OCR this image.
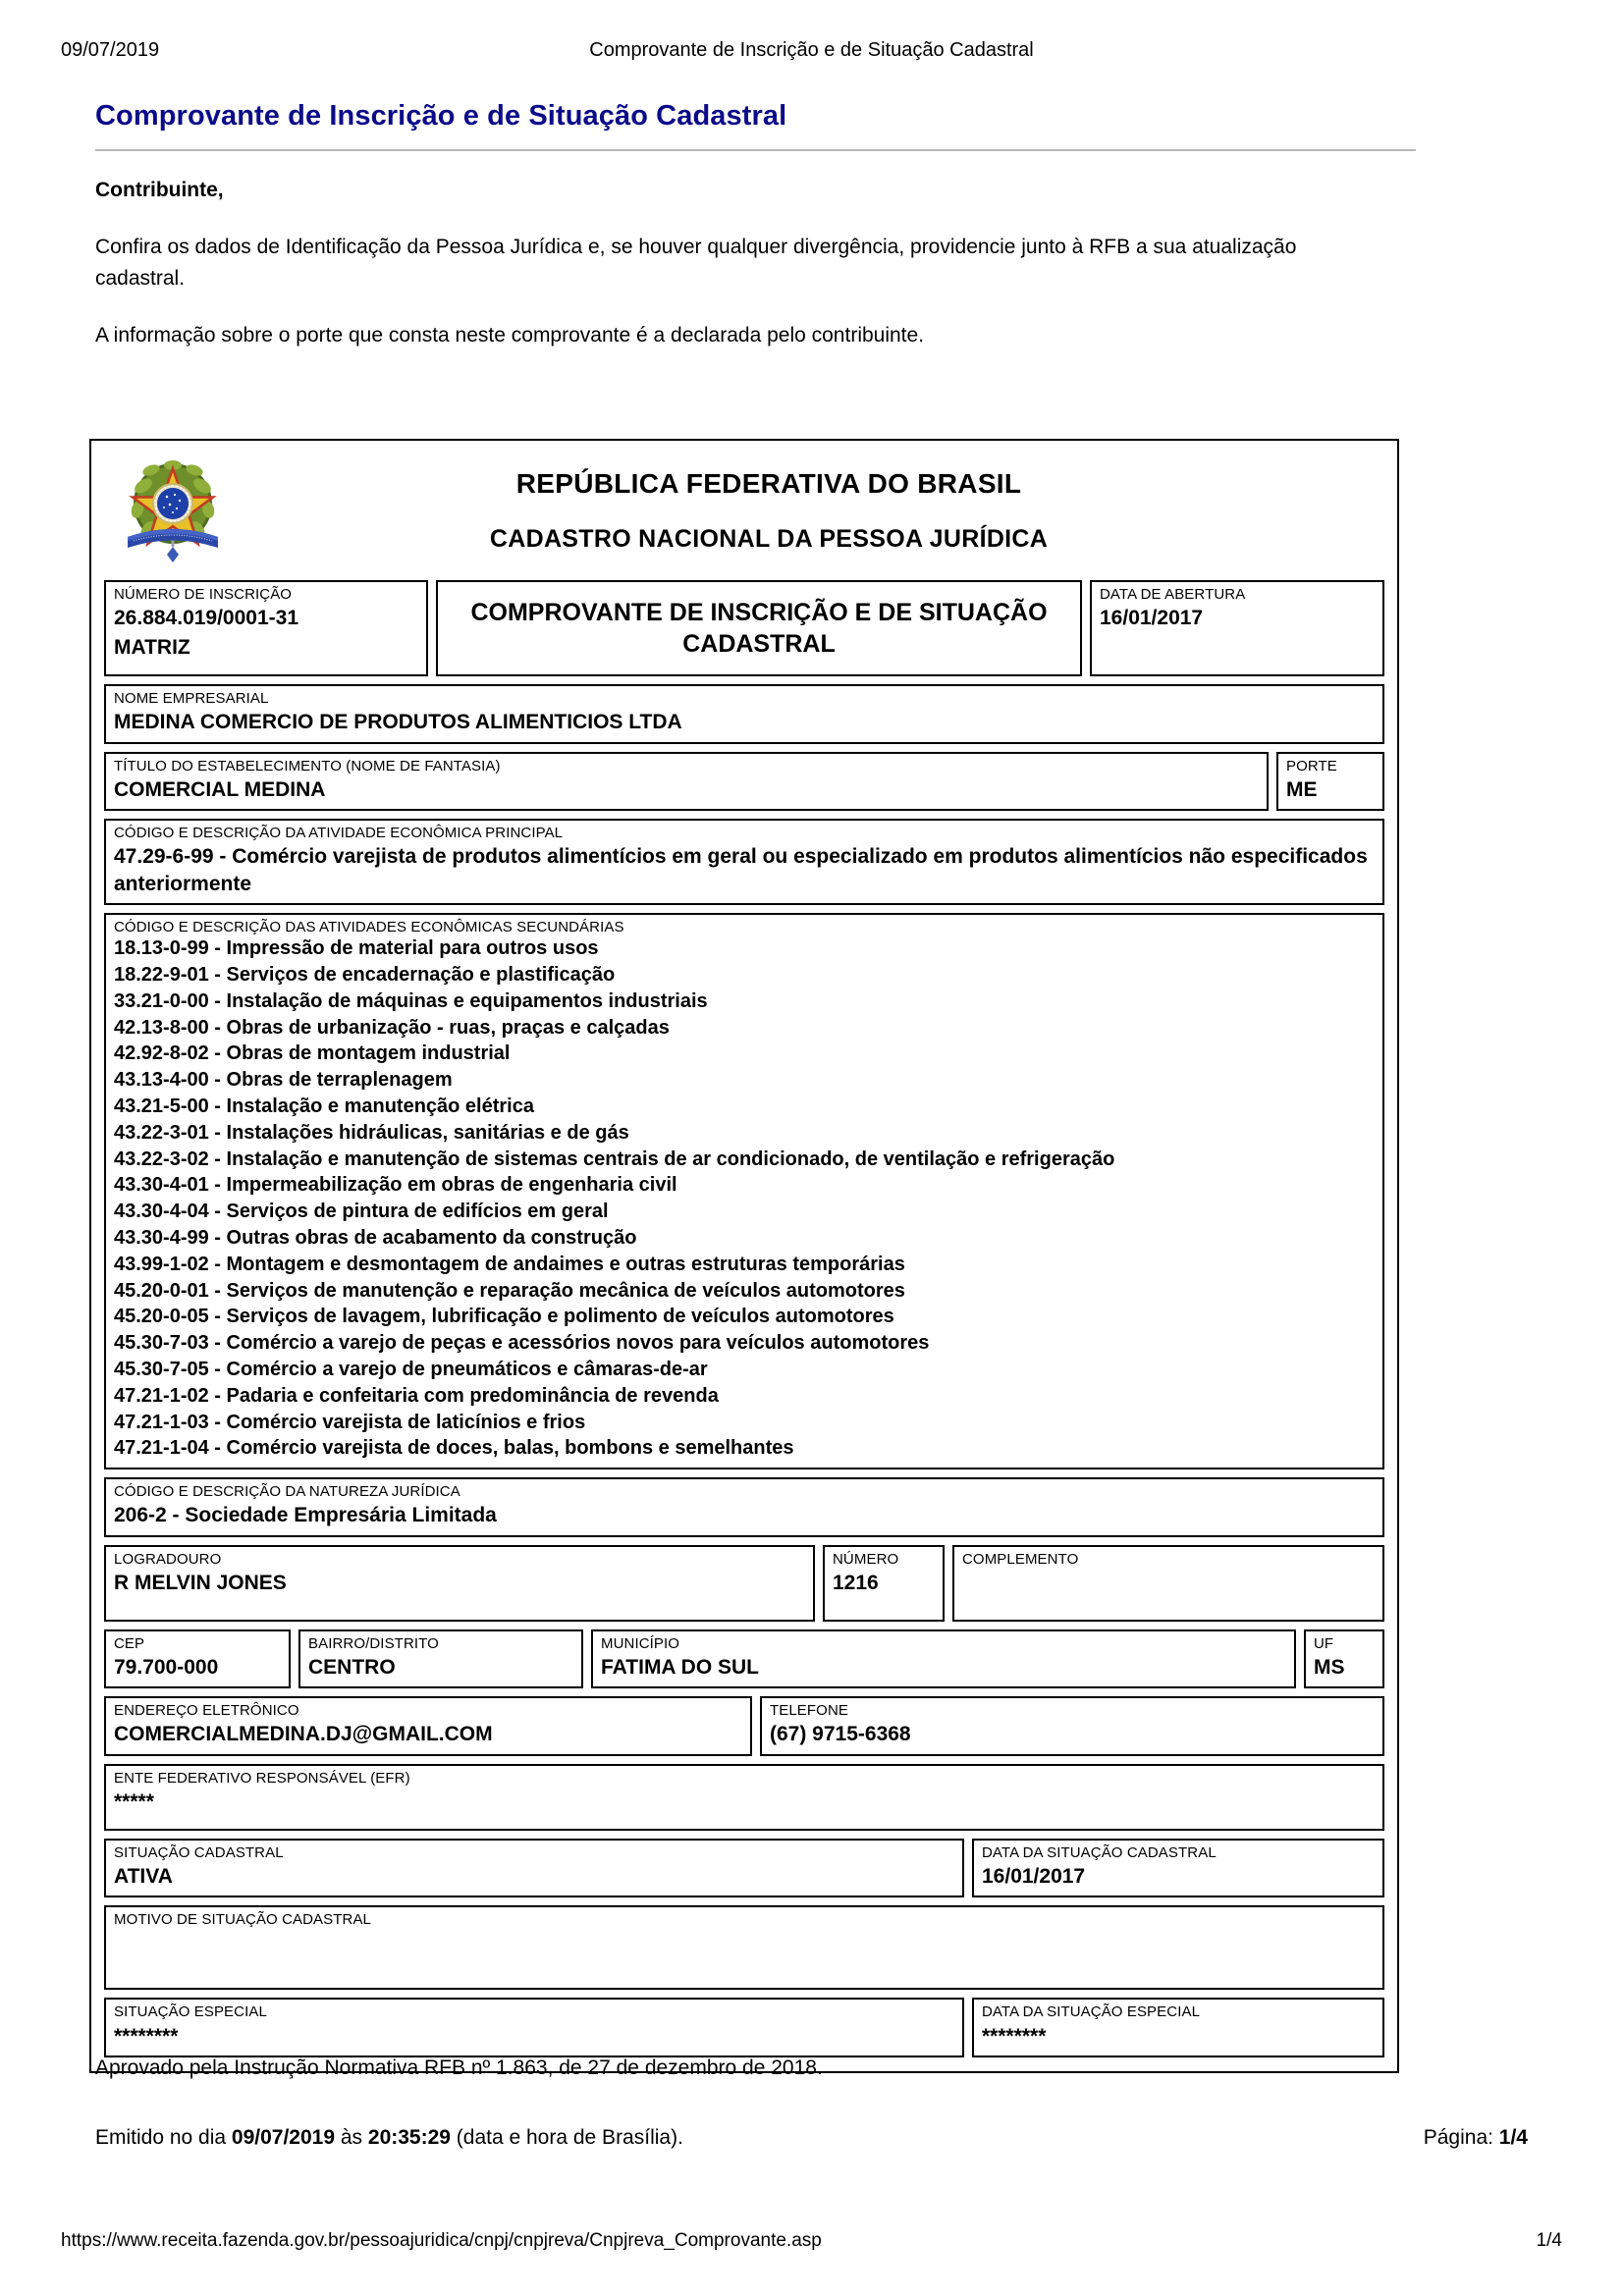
09/07/2019	Comprovante de Inscrição e de Situação Cadastral
Comprovante de Inscrição e de Situação Cadastral

Contribuinte,

Confira os dados de Identificação da Pessoa Jurídica e, se houver qualquer divergência, providencie junto à RFB a sua atualização cadastral.

A informação sobre o porte que consta neste comprovante é a declarada pelo contribuinte.

REPÚBLICA FEDERATIVA DO BRASIL
CADASTRO NACIONAL DA PESSOA JURÍDICA
NÚMERO DE INSCRIÇÃO
26.884.019/0001-31
MATRIZ
COMPROVANTE DE INSCRIÇÃO E DE SITUAÇÃO CADASTRAL
DATA DE ABERTURA
16/01/2017
NOME EMPRESARIAL
MEDINA COMERCIO DE PRODUTOS ALIMENTICIOS LTDA
TÍTULO DO ESTABELECIMENTO (NOME DE FANTASIA)
COMERCIAL MEDINA
PORTE
ME
CÓDIGO E DESCRIÇÃO DA ATIVIDADE ECONÔMICA PRINCIPAL
47.29-6-99 - Comércio varejista de produtos alimentícios em geral ou especializado em produtos alimentícios não especificados anteriormente
CÓDIGO E DESCRIÇÃO DAS ATIVIDADES ECONÔMICAS SECUNDÁRIAS
18.13-0-99 - Impressão de material para outros usos
18.22-9-01 - Serviços de encadernação e plastificação
33.21-0-00 - Instalação de máquinas e equipamentos industriais
42.13-8-00 - Obras de urbanização - ruas, praças e calçadas
42.92-8-02 - Obras de montagem industrial
43.13-4-00 - Obras de terraplenagem
43.21-5-00 - Instalação e manutenção elétrica
43.22-3-01 - Instalações hidráulicas, sanitárias e de gás
43.22-3-02 - Instalação e manutenção de sistemas centrais de ar condicionado, de ventilação e refrigeração
43.30-4-01 - Impermeabilização em obras de engenharia civil
43.30-4-04 - Serviços de pintura de edifícios em geral
43.30-4-99 - Outras obras de acabamento da construção
43.99-1-02 - Montagem e desmontagem de andaimes e outras estruturas temporárias
45.20-0-01 - Serviços de manutenção e reparação mecânica de veículos automotores
45.20-0-05 - Serviços de lavagem, lubrificação e polimento de veículos automotores
45.30-7-03 - Comércio a varejo de peças e acessórios novos para veículos automotores
45.30-7-05 - Comércio a varejo de pneumáticos e câmaras-de-ar
47.21-1-02 - Padaria e confeitaria com predominância de revenda
47.21-1-03 - Comércio varejista de laticínios e frios
47.21-1-04 - Comércio varejista de doces, balas, bombons e semelhantes
CÓDIGO E DESCRIÇÃO DA NATUREZA JURÍDICA
206-2 - Sociedade Empresária Limitada
LOGRADOURO
R MELVIN JONES
NÚMERO
1216
COMPLEMENTO
CEP
79.700-000
BAIRRO/DISTRITO
CENTRO
MUNICÍPIO
FATIMA DO SUL
UF
MS
ENDEREÇO ELETRÔNICO
COMERCIALMEDINA.DJ@GMAIL.COM
TELEFONE
(67) 9715-6368
ENTE FEDERATIVO RESPONSÁVEL (EFR)
*****
SITUAÇÃO CADASTRAL
ATIVA
DATA DA SITUAÇÃO CADASTRAL
16/01/2017
MOTIVO DE SITUAÇÃO CADASTRAL
SITUAÇÃO ESPECIAL
********
DATA DA SITUAÇÃO ESPECIAL
********
Aprovado pela Instrução Normativa RFB nº 1.863, de 27 de dezembro de 2018.
Emitido no dia 09/07/2019 às 20:35:29 (data e hora de Brasília).	Página: 1/4
https://www.receita.fazenda.gov.br/pessoajuridica/cnpj/cnpjreva/Cnpjreva_Comprovante.asp	1/4
